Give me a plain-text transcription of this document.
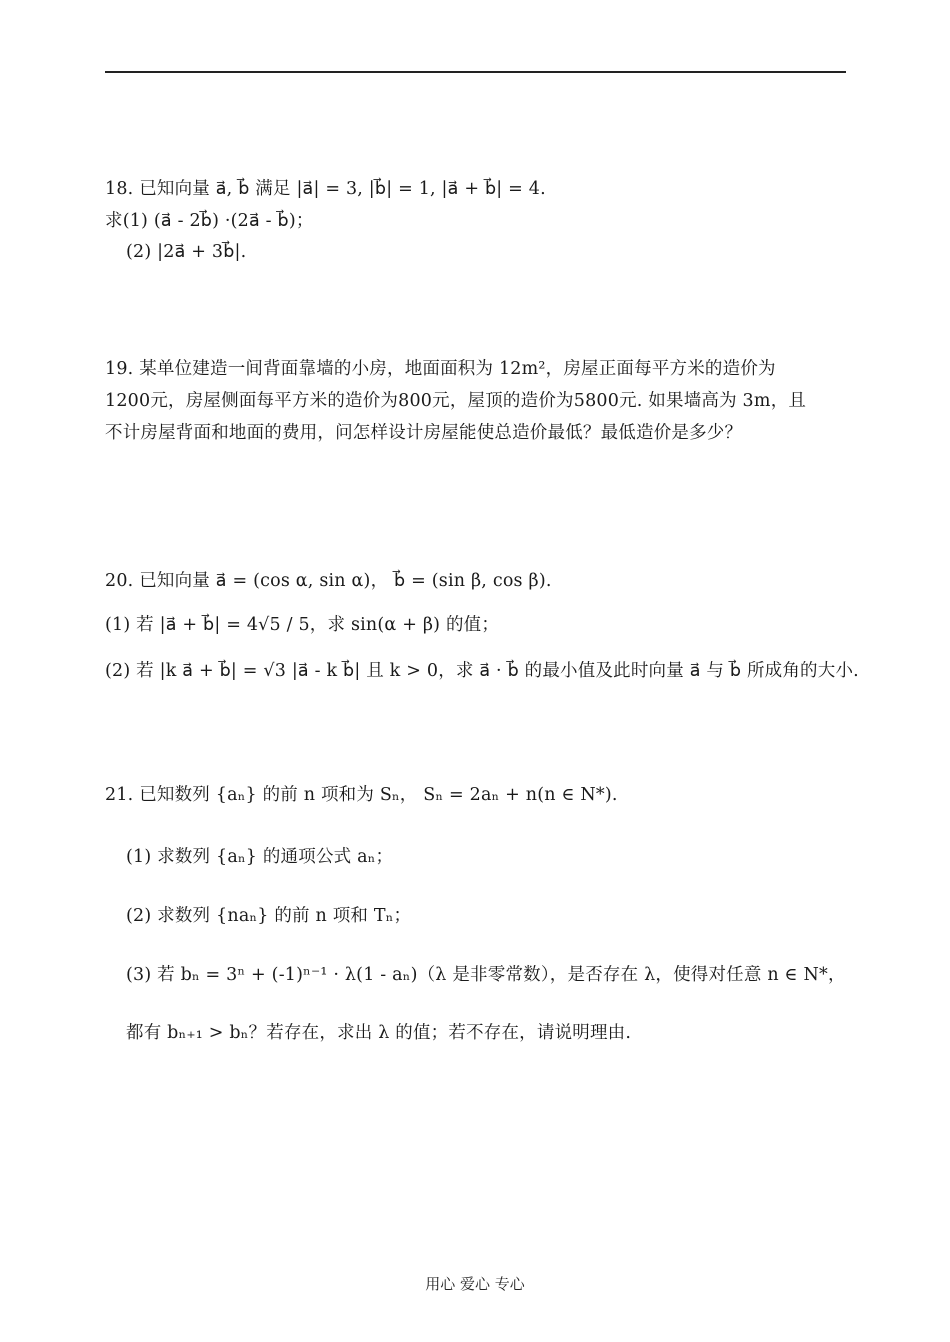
18. 已知向量 a⃗, b⃗ 满足 |a⃗| = 3, |b⃗| = 1, |a⃗ + b⃗| = 4.
求(1) (a⃗ - 2b⃗) ·(2a⃗ - b⃗)；
(2) |2a⃗ + 3b⃗|.
19. 某单位建造一间背面靠墙的小房，地面面积为 12m²，房屋正面每平方米的造价为
1200元，房屋侧面每平方米的造价为800元，屋顶的造价为5800元. 如果墙高为 3m，且
不计房屋背面和地面的费用，问怎样设计房屋能使总造价最低？最低造价是多少？
20. 已知向量 a⃗ = (cos α, sin α)， b⃗ = (sin β, cos β).
(1) 若 |a⃗ + b⃗| = 4√5 / 5，求 sin(α + β) 的值；
(2) 若 |k a⃗ + b⃗| = √3 |a⃗ - k b⃗| 且 k > 0，求 a⃗ · b⃗ 的最小值及此时向量 a⃗ 与 b⃗ 所成角的大小.
21. 已知数列 {aₙ} 的前 n 项和为 Sₙ， Sₙ = 2aₙ + n(n ∈ N*).
(1) 求数列 {aₙ} 的通项公式 aₙ；
(2) 求数列 {naₙ} 的前 n 项和 Tₙ；
(3) 若 bₙ = 3ⁿ + (-1)ⁿ⁻¹ · λ(1 - aₙ)（λ 是非零常数），是否存在 λ，使得对任意 n ∈ N*，
都有 bₙ₊₁ > bₙ？若存在，求出 λ 的值；若不存在，请说明理由.
用心 爱心 专心
